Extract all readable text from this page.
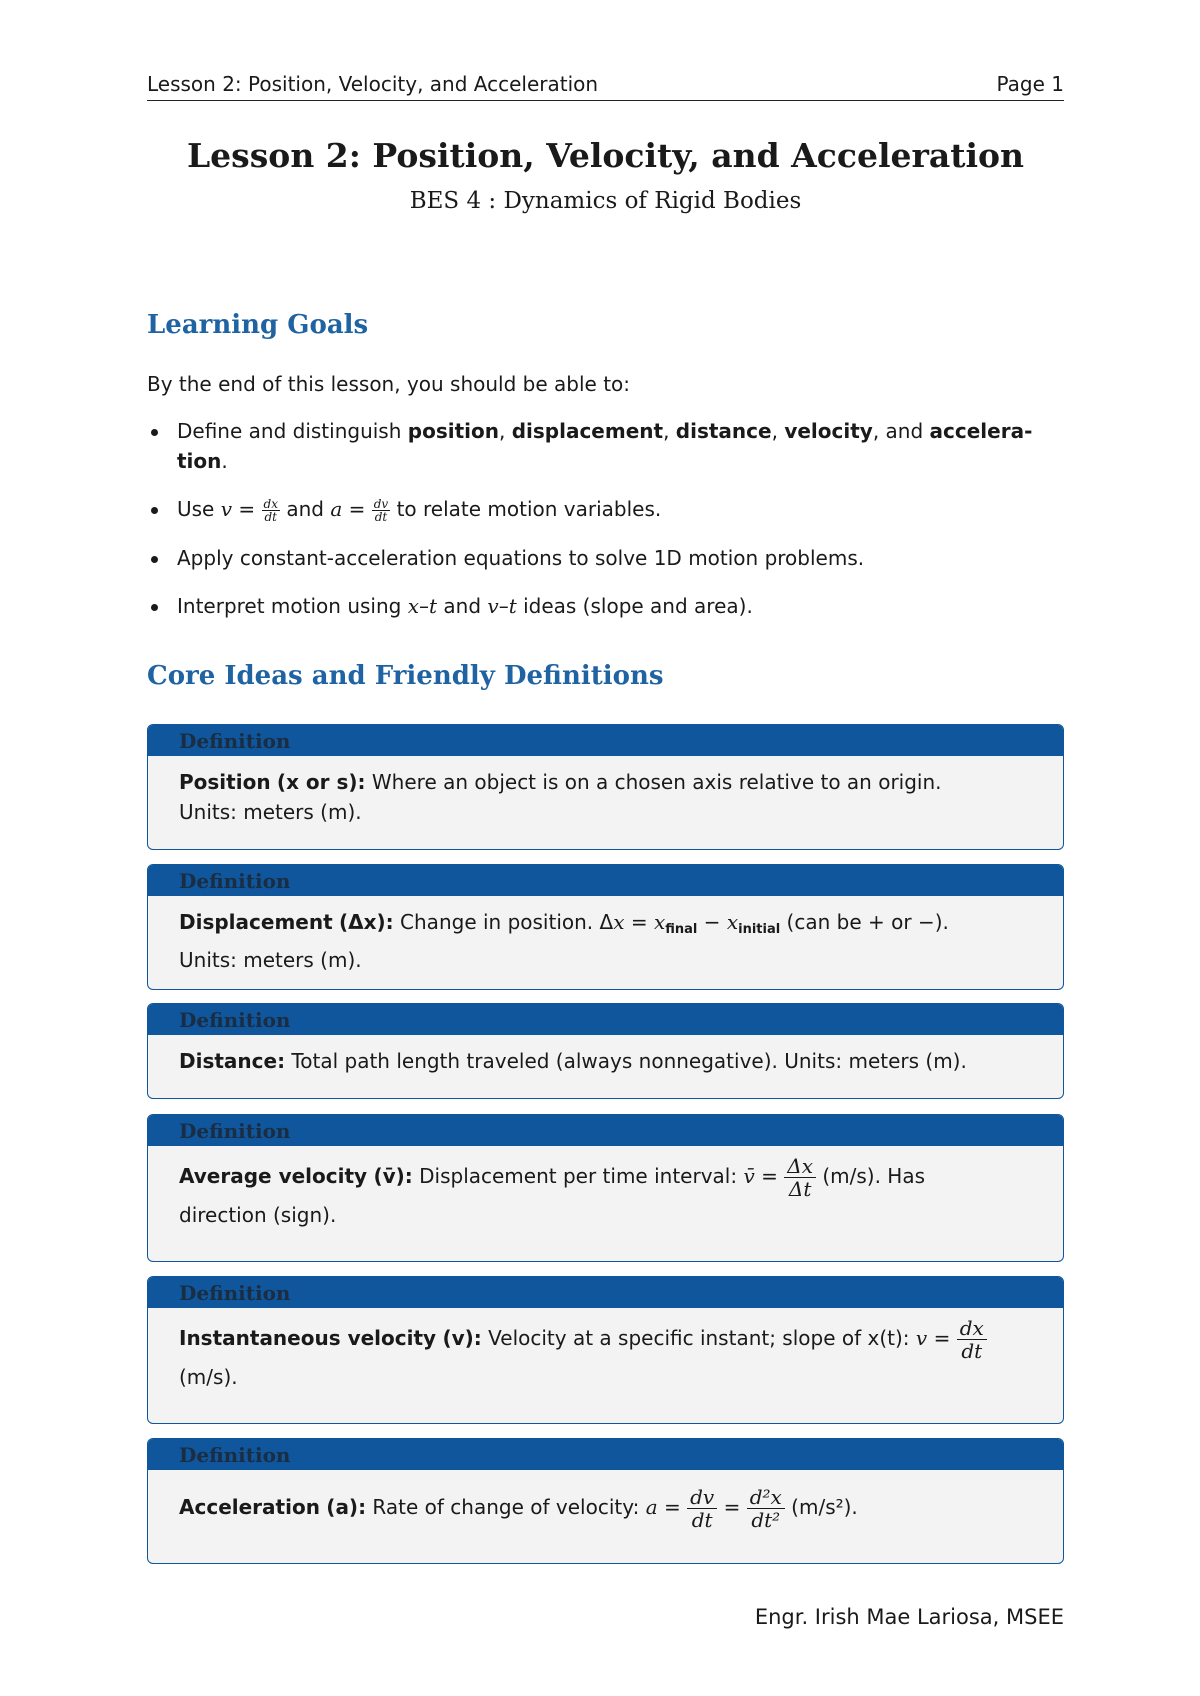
Lesson 2: Position, Velocity, and Acceleration	Page 1
Lesson 2: Position, Velocity, and Acceleration
BES 4 : Dynamics of Rigid Bodies
Learning Goals
By the end of this lesson, you should be able to:
Define and distinguish position, displacement, distance, velocity, and accelera-
tion.
Use $v = \frac{dx}{dt}$ and $a = \frac{dv}{dt}$ to relate motion variables.
Apply constant-acceleration equations to solve 1D motion problems.
Interpret motion using x–t and v–t ideas (slope and area).
Core Ideas and Friendly Definitions
Definition
Position (x or s): Where an object is on a chosen axis relative to an origin.
Units: meters (m).
Definition
Displacement (Δx): Change in position. $\Delta x = x_{final} - x_{initial}$ (can be + or −).
Units: meters (m).
Definition
Distance: Total path length traveled (always nonnegative). Units: meters (m).
Definition
Average velocity (v̄): Displacement per time interval: v̄ = $\frac{\Delta x}{\Delta t} (m/s)$. Has
direction (sign).
Definition
Instantaneous velocity (v): Velocity at a specific instant; slope of x(t): $v = \frac{dx}{dt}$

(m/s).
Definition
Acceleration (a): Rate of change of velocity: $a = \frac{dv}{dt} = \frac{\text{d²x}}{\text{dt²}} (m/s^2)$.
Engr. Irish Mae Lariosa, MSEE
